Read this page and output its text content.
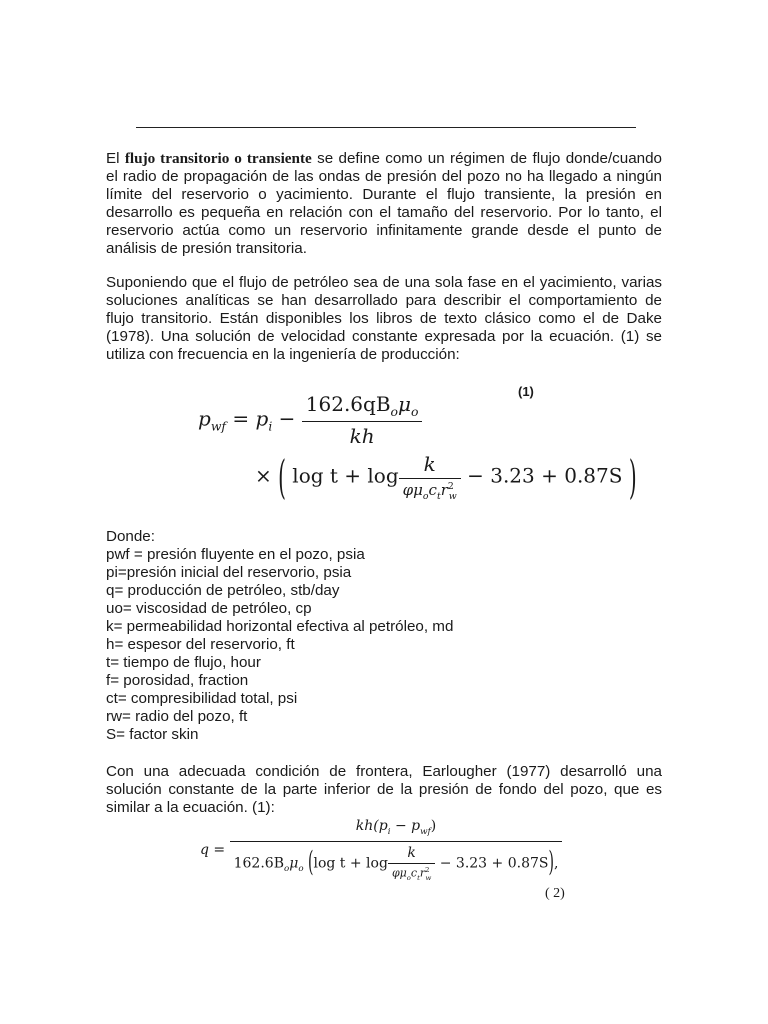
El flujo transitorio o transiente se define como un régimen de flujo donde/cuando el radio de propagación de las ondas de presión del pozo no ha llegado a ningún límite del reservorio o yacimiento. Durante el flujo transiente, la presión en desarrollo es pequeña en relación con el tamaño del reservorio. Por lo tanto, el reservorio actúa como un reservorio infinitamente grande desde el punto de análisis de presión transitoria.

Suponiendo que el flujo de petróleo sea de una sola fase en el yacimiento, varias soluciones analíticas se han desarrollado para describir el comportamiento de flujo transitorio. Están disponibles los libros de texto clásico como el de Dake (1978). Una solución de velocidad constante expresada por la ecuación. (1) se utiliza con frecuencia en la ingeniería de producción:

(1)
$p_{wf} = p_i - \frac{162.6qB_o\mu_o}{kh}$
× ( $\log t + \log \frac{k}{\varphi\mu_oc_tr^2_w} - 3.23 + 0.87S$ )
Donde:
pwf = presión fluyente en el pozo, psia
pi=presión inicial del reservorio, psia
q= producción de petróleo, stb/day
uo= viscosidad de petróleo, cp
k= permeabilidad horizontal efectiva al petróleo, md
h= espesor del reservorio, ft
t= tiempo de flujo, hour
f= porosidad, fraction
ct= compresibilidad total, psi
rw= radio del pozo, ft
S= factor skin

Con una adecuada condición de frontera, Earlougher (1977) desarrolló una solución constante de la parte inferior de la presión de fondo del pozo, que es similar a la ecuación. (1):

$q = \frac{kh(p_i - p_{wf})}{162.6B_o\mu_o (\log t + \log \frac{k}{\varphi\mu_oc_tr^2_w} - 3.23 + 0.87S),}$
( 2)
